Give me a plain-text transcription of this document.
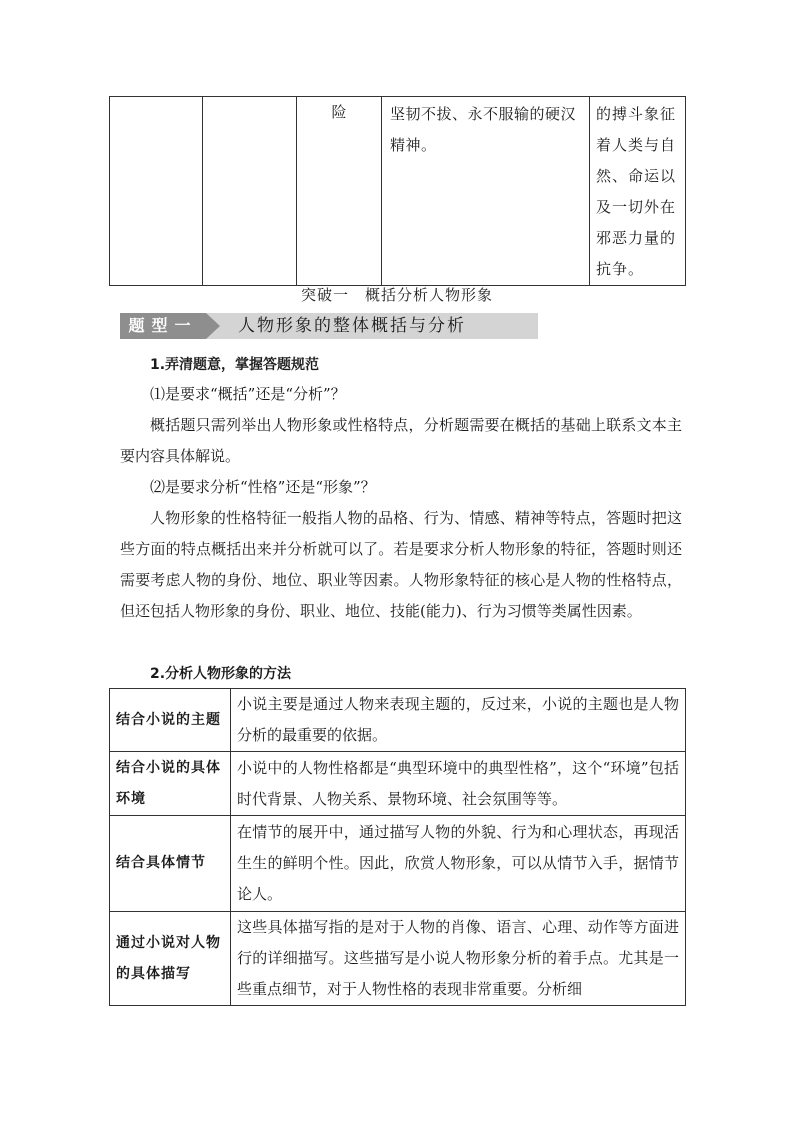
		险	坚韧不拔、永不服输的硬汉精神。	的搏斗象征着人类与自然、命运以及一切外在邪恶力量的抗争。
突破一　概括分析人物形象
题型一	人物形象的整体概括与分析
1.弄清题意，掌握答题规范
⑴是要求“概括”还是“分析”？
概括题只需列举出人物形象或性格特点，分析题需要在概括的基础上联系文本主要内容具体解说。
⑵是要求分析“性格”还是“形象”？
人物形象的性格特征一般指人物的品格、行为、情感、精神等特点，答题时把这些方面的特点概括出来并分析就可以了。若是要求分析人物形象的特征，答题时则还需要考虑人物的身份、地位、职业等因素。人物形象特征的核心是人物的性格特点，但还包括人物形象的身份、职业、地位、技能(能力)、行为习惯等类属性因素。
2.分析人物形象的方法
结合小说的主题	小说主要是通过人物来表现主题的，反过来，小说的主题也是人物分析的最重要的依据。
结合小说的具体环境	小说中的人物性格都是“典型环境中的典型性格”，这个“环境”包括时代背景、人物关系、景物环境、社会氛围等等。
结合具体情节	在情节的展开中，通过描写人物的外貌、行为和心理状态，再现活生生的鲜明个性。因此，欣赏人物形象，可以从情节入手，据情节论人。
通过小说对人物的具体描写	这些具体描写指的是对于人物的肖像、语言、心理、动作等方面进行的详细描写。这些描写是小说人物形象分析的着手点。尤其是一些重点细节，对于人物性格的表现非常重要。分析细
